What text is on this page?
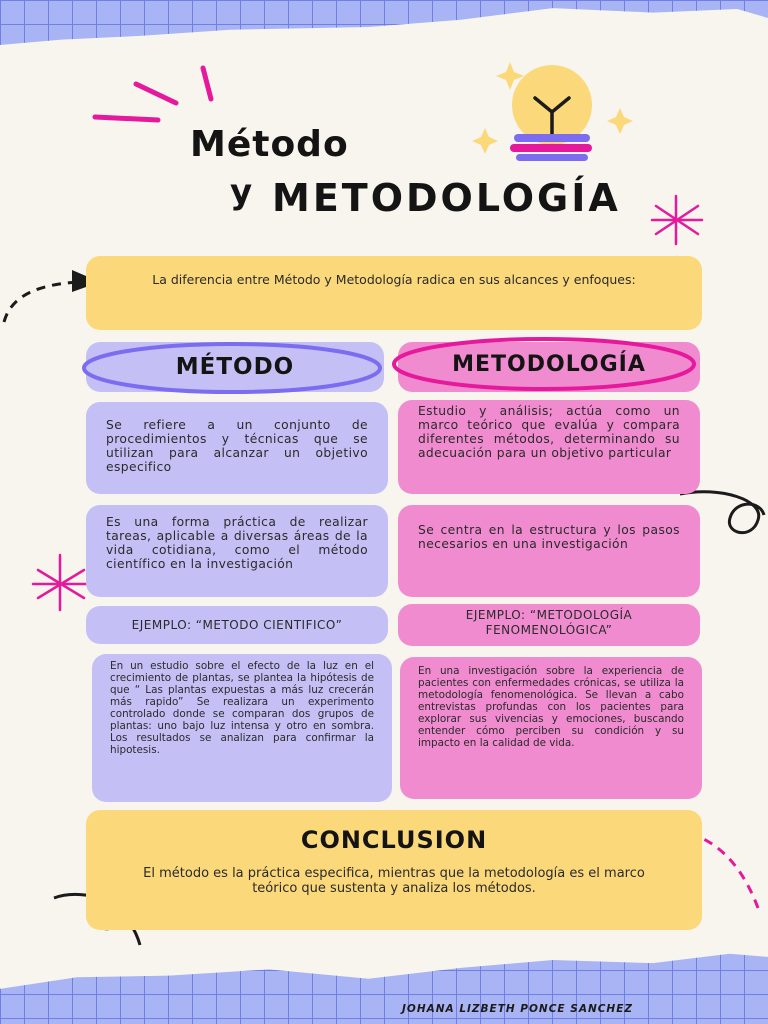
Método
y METODOLOGÍA
La diferencia entre Método y Metodología radica en sus alcances y enfoques:
MÉTODO	METODOLOGÍA
Se refiere a un conjunto de procedimientos y técnicas que se utilizan para alcanzar un objetivo especifico
Estudio y análisis; actúa como un marco teórico que evalúa y compara diferentes métodos, determinando su adecuación para un objetivo particular
Es una forma práctica de realizar tareas, aplicable a diversas áreas de la vida cotidiana, como el método científico en la investigación
Se centra en la estructura y los pasos necesarios en una investigación
EJEMPLO: “METODO CIENTIFICO”
EJEMPLO: “METODOLOGÍA FENOMENOLÓGICA”
En un estudio sobre el efecto de la luz en el crecimiento de plantas, se plantea la hipótesis de que “ Las plantas expuestas a más luz crecerán más rapido” Se realizara un experimento controlado donde se comparan dos grupos de plantas: uno bajo luz intensa y otro en sombra. Los resultados se analizan para confirmar la hipotesis.
En una investigación sobre la experiencia de pacientes con enfermedades crónicas, se utiliza la metodología fenomenológica. Se llevan a cabo entrevistas profundas con los pacientes para explorar sus vivencias y emociones, buscando entender cómo perciben su condición y su impacto en la calidad de vida.
CONCLUSION
El método es la práctica especifica, mientras que la metodología es el marco teórico que sustenta y analiza los métodos.
JOHANA LIZBETH PONCE SANCHEZ
